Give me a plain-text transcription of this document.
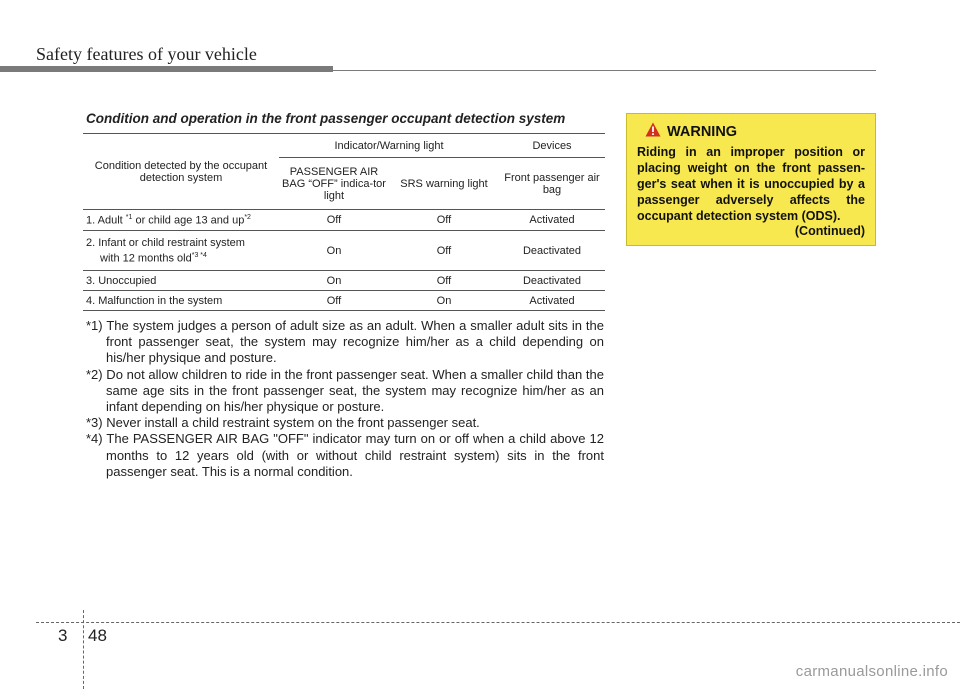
Safety features of your vehicle
Condition and operation in the front passenger occupant detection system
Condition detected by the occupant detection system	Indicator/Warning light		Devices
	PASSENGER AIR BAG “OFF” indica-tor light	SRS warning light	Front passenger air bag
1. Adult $^{*1}$ or child age 13 and $up^{*2}$	Off	Off	Activated

2. Infant or child restraint system
with 12 months old$^{*3 *4}$	On	Off	Deactivated
3. Unoccupied	On	Off	Deactivated
4. Malfunction in the system	Off	On	Activated

*1) The system judges a person of adult size as an adult. When a smaller adult sits in the front passenger seat, the system may recognize him/her as a child depending on his/her physique and posture.

*2) Do not allow children to ride in the front passenger seat. When a smaller child than the same age sits in the front passenger seat, the system may recognize him/her as an infant depending on his/her physique or posture.

*3) Never install a child restraint system on the front passenger seat.

*4) The PASSENGER AIR BAG "OFF" indicator may turn on or off when a child above 12 months to 12 years old (with or without child restraint system) sits in the front passenger seat. This is a normal condition.

WARNING
Riding in an improper position or placing weight on the front passen-ger's seat when it is unoccupied by a passenger adversely affects the occupant detection system (ODS).
(Continued)
3 48
carmanualsonline.info
